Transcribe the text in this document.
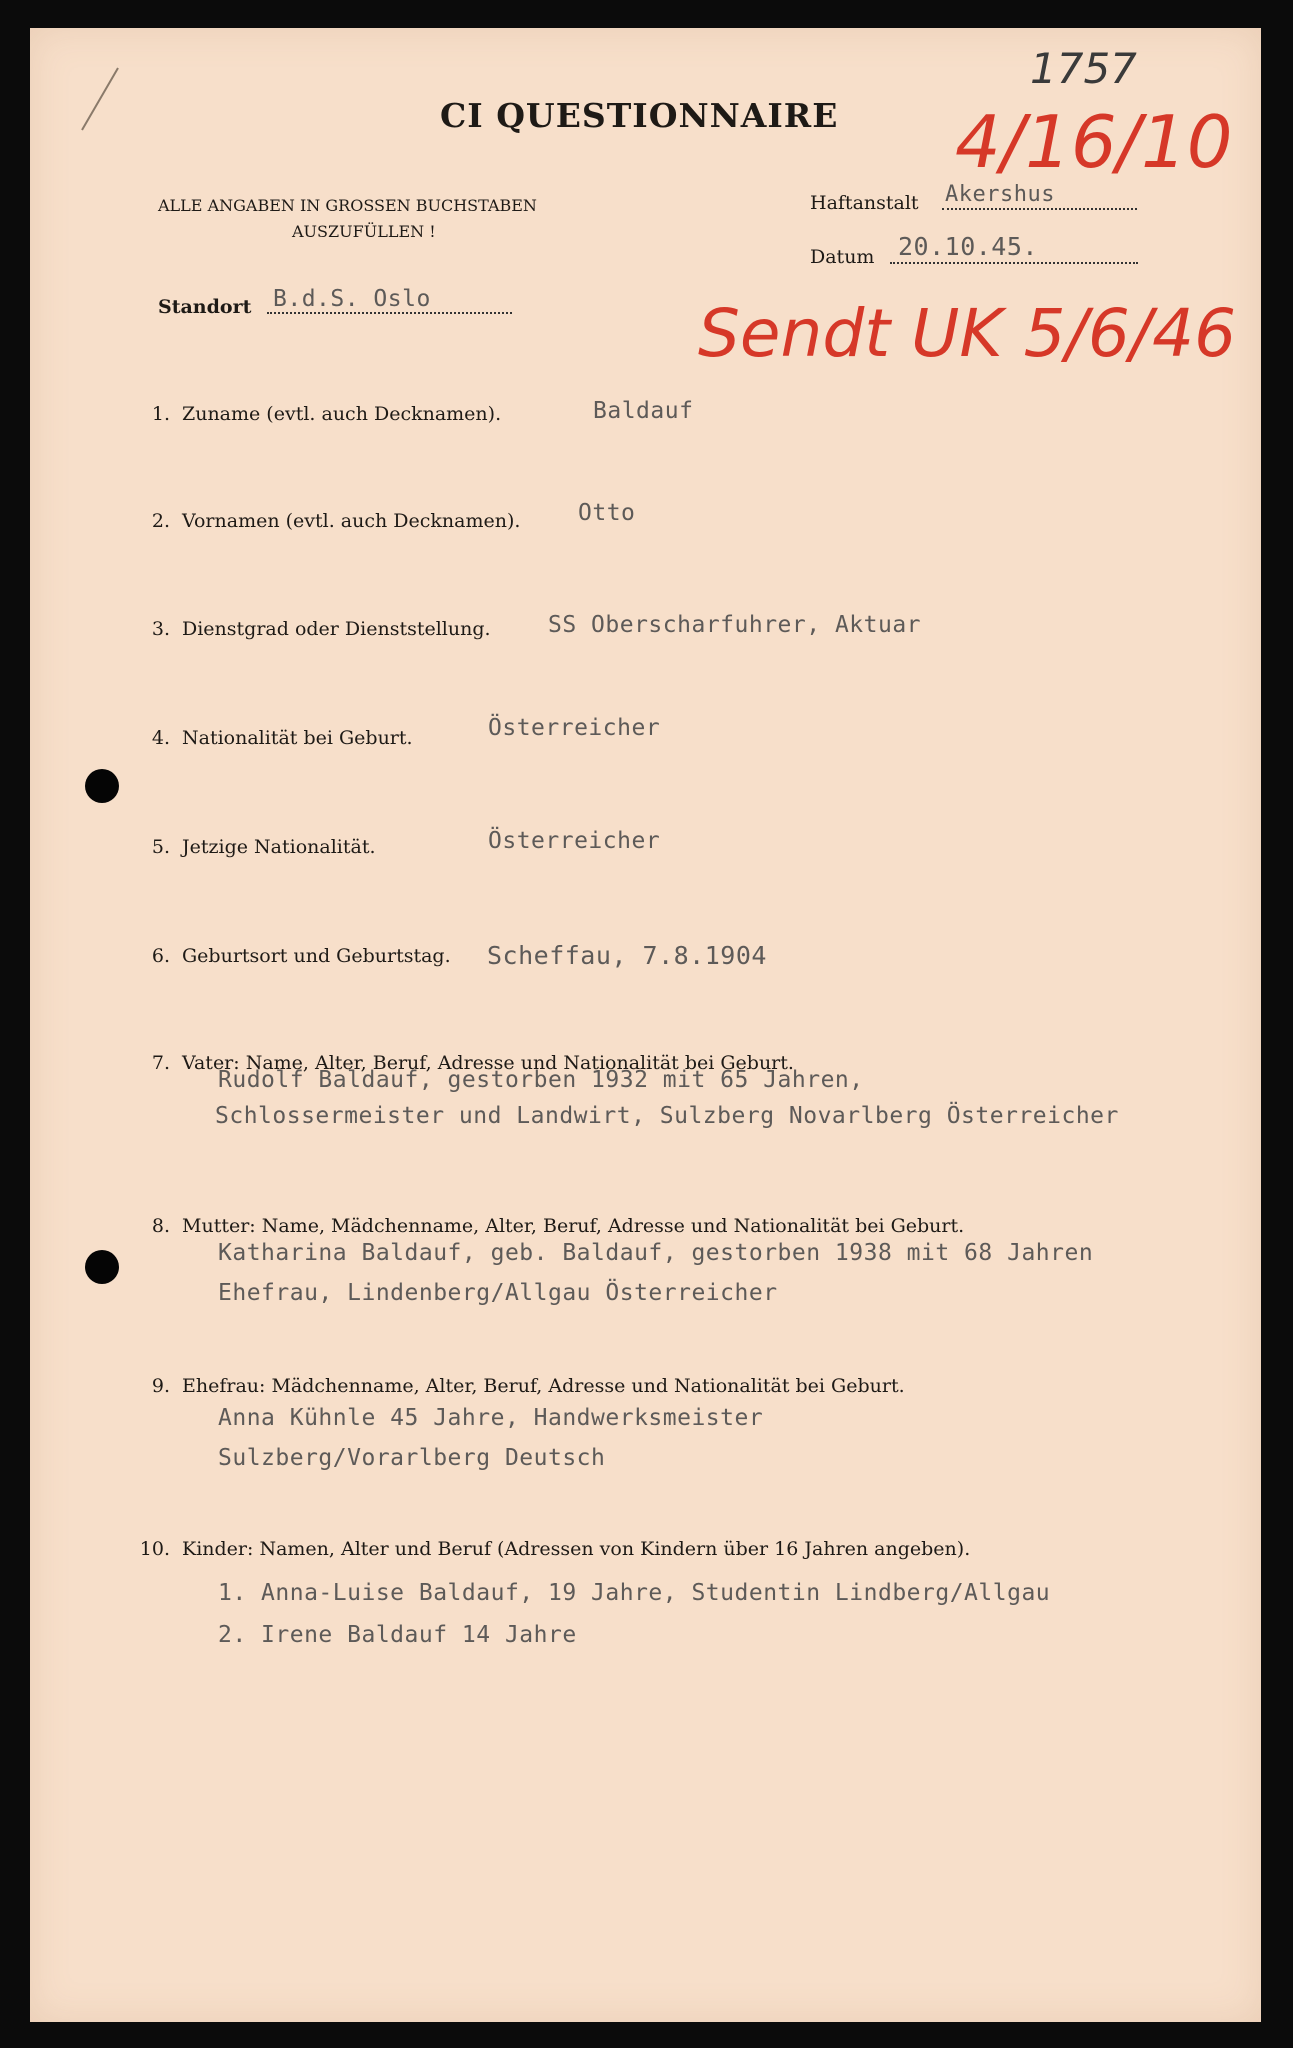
1757
4/16/10
Sendt UK 5/6/46
CI QUESTIONNAIRE
ALLE ANGABEN IN GROSSEN BUCHSTABEN
AUSZUFÜLLEN !
Haftanstalt Akershus
Datum 20.10.45.
Standort B.d.S. Oslo
1. Zuname (evtl. auch Decknamen).	Baldauf
2. Vornamen (evtl. auch Decknamen).	Otto
3. Dienstgrad oder Dienststellung. SS Oberscharfuhrer, Aktuar
4. Nationalität bei Geburt.	Österreicher
5. Jetzige Nationalität.	Österreicher
6. Geburtsort und Geburtstag. Scheffau, 7.8.1904
7. Vater: Name, Alter, Beruf, Adresse und Nationalität bei Geburt.
Rudolf Baldauf, gestorben 1932 mit 65 Jahren,
Schlossermeister und Landwirt, Sulzberg Novarlberg Österreicher
8. Mutter: Name, Mädchenname, Alter, Beruf, Adresse und Nationalität bei Geburt.
Katharina Baldauf, geb. Baldauf, gestorben 1938 mit 68 Jahren
Ehefrau, Lindenberg/Allgau Österreicher
9. Ehefrau: Mädchenname, Alter, Beruf, Adresse und Nationalität bei Geburt.
Anna Kühnle 45 Jahre, Handwerksmeister
Sulzberg/Vorarlberg Deutsch
10. Kinder: Namen, Alter und Beruf (Adressen von Kindern über 16 Jahren angeben).
1. Anna-Luise Baldauf, 19 Jahre, Studentin Lindberg/Allgau
2. Irene Baldauf 14 Jahre
